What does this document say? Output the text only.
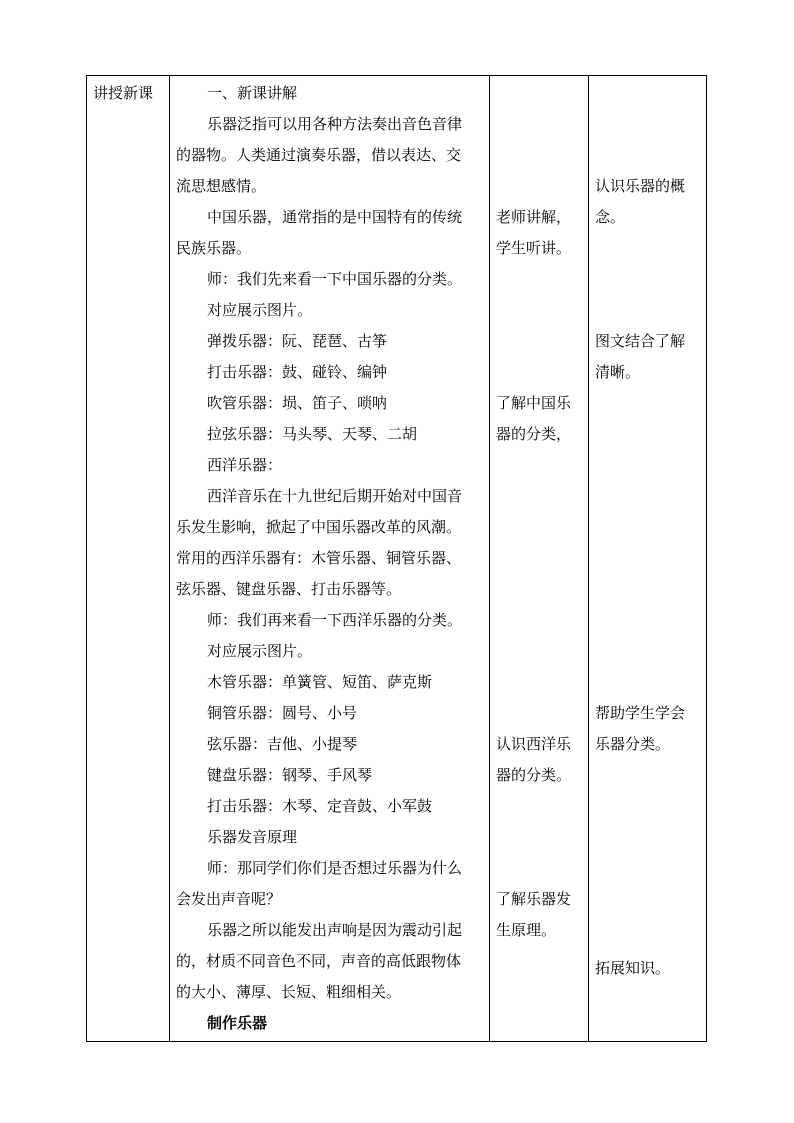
讲授新课	一、新课讲解
乐器泛指可以用各种方法奏出音色音律
的器物。人类通过演奏乐器，借以表达、交
流思想感情。
中国乐器，通常指的是中国特有的传统
民族乐器。
师：我们先来看一下中国乐器的分类。
对应展示图片。
弹拨乐器：阮、琵琶、古筝
打击乐器：鼓、碰铃、编钟
吹管乐器：埙、笛子、唢呐
拉弦乐器：马头琴、天琴、二胡
西洋乐器：
西洋音乐在十九世纪后期开始对中国音
乐发生影响，掀起了中国乐器改革的风潮。
常用的西洋乐器有：木管乐器、铜管乐器、
弦乐器、键盘乐器、打击乐器等。
师：我们再来看一下西洋乐器的分类。
对应展示图片。
木管乐器：单簧管、短笛、萨克斯
铜管乐器：圆号、小号
弦乐器：吉他、小提琴
键盘乐器：钢琴、手风琴
打击乐器：木琴、定音鼓、小军鼓
乐器发音原理
师：那同学们你们是否想过乐器为什么
会发出声音呢？
乐器之所以能发出声响是因为震动引起
的，材质不同音色不同，声音的高低跟物体
的大小、薄厚、长短、粗细相关。
制作乐器
老师讲解，
学生听讲。
了解中国乐
器的分类，
认识西洋乐
器的分类。
了解乐器发
生原理。
认识乐器的概
念。
图文结合了解
清晰。
帮助学生学会
乐器分类。
拓展知识。
